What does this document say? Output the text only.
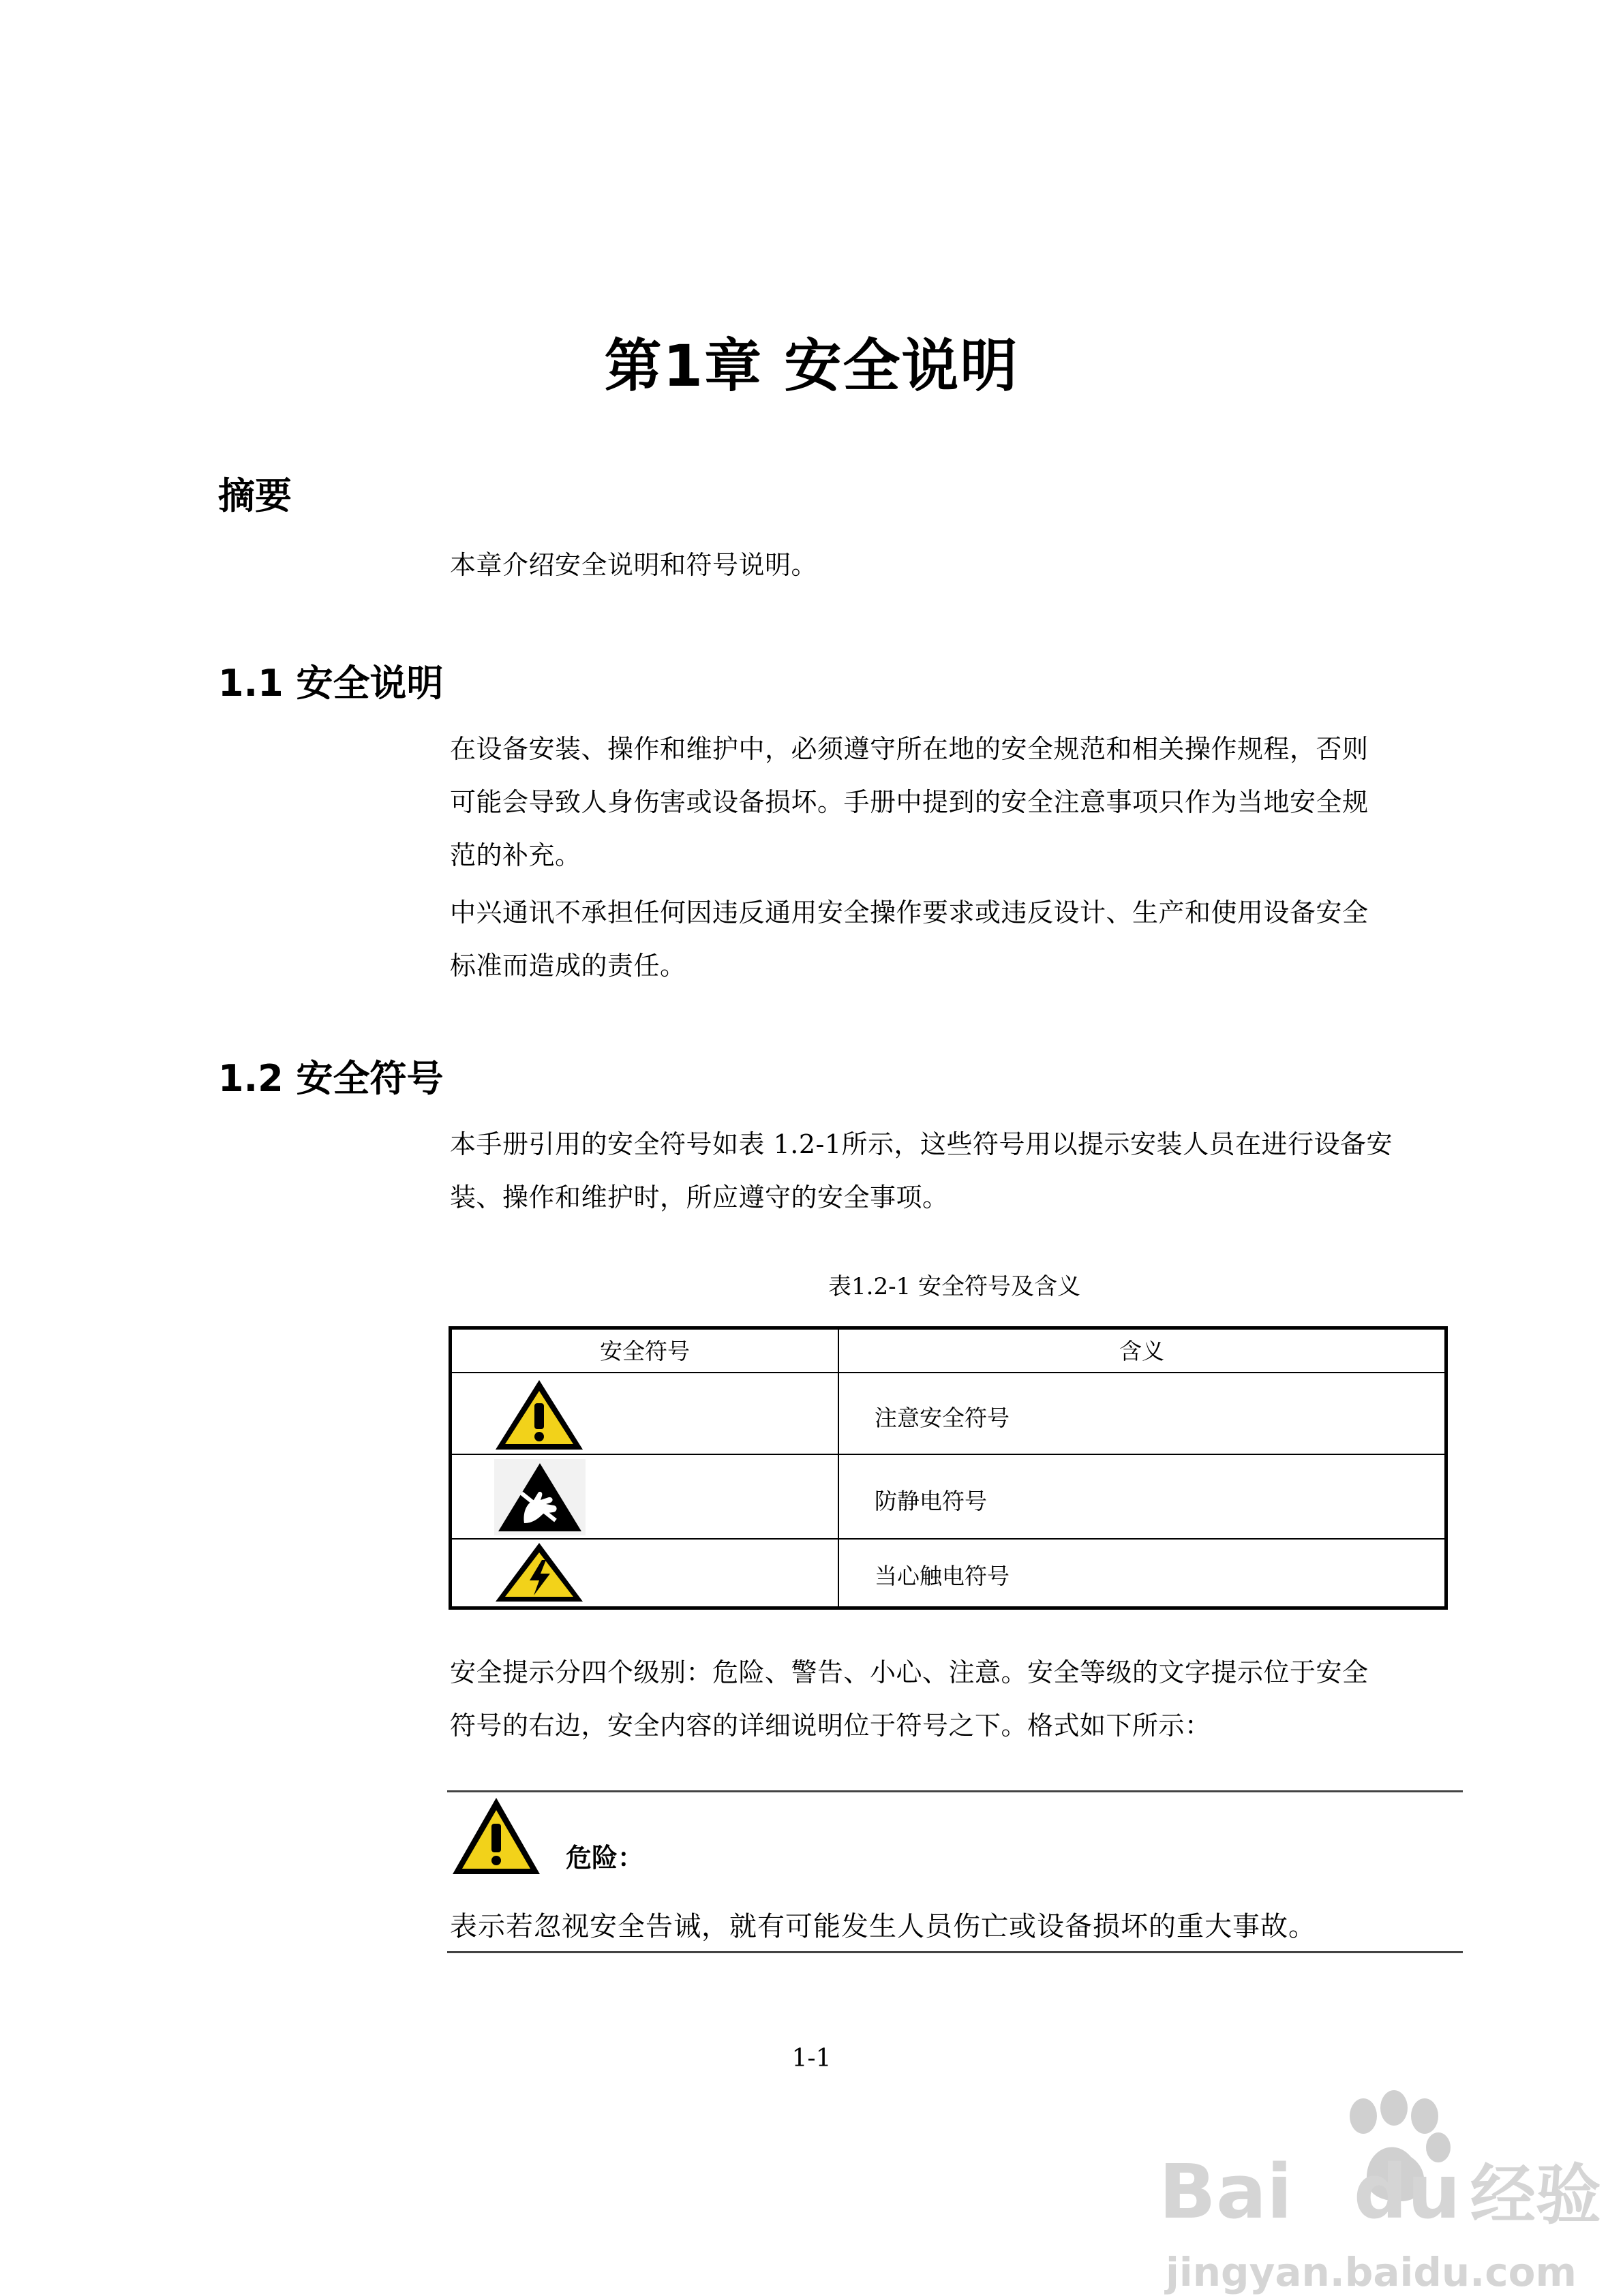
第1章 安全说明
摘要
本章介绍安全说明和符号说明。
1.1 安全说明
在设备安装、操作和维护中，必须遵守所在地的安全规范和相关操作规程，否则
可能会导致人身伤害或设备损坏。手册中提到的安全注意事项只作为当地安全规
范的补充。
中兴通讯不承担任何因违反通用安全操作要求或违反设计、生产和使用设备安全
标准而造成的责任。
1.2 安全符号
本手册引用的安全符号如表 1.2-1所示，这些符号用以提示安装人员在进行设备安
装、操作和维护时，所应遵守的安全事项。
表1.2-1 安全符号及含义
安全符号	含义
注意安全符号
防静电符号
当心触电符号
安全提示分四个级别：危险、警告、小心、注意。安全等级的文字提示位于安全
符号的右边，安全内容的详细说明位于符号之下。格式如下所示：
危险：
表示若忽视安全告诫，就有可能发生人员伤亡或设备损坏的重大事故。
1-1
Bai du 经验
jingyan.baidu.com
